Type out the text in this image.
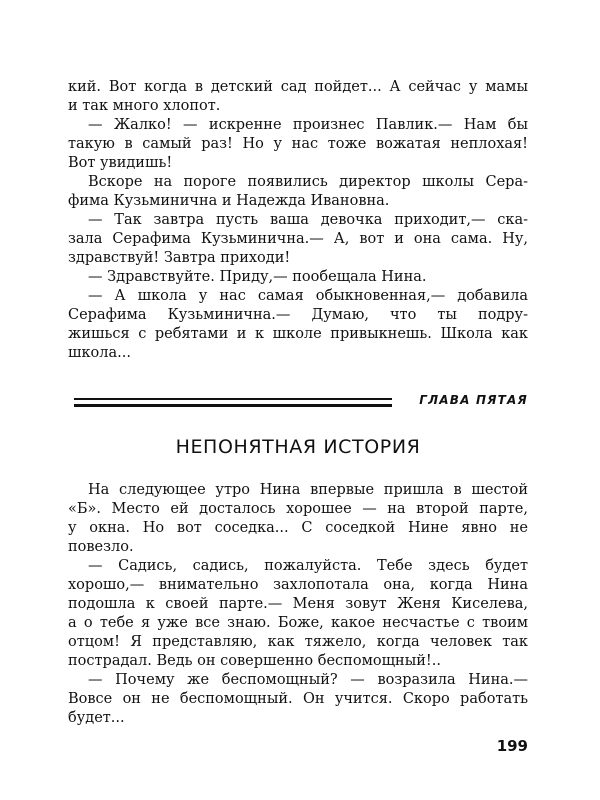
кий. Вот когда в детский сад пойдет... А сейчас у мамы
и так много хлопот.
— Жалко! — искренне произнес Павлик.— Нам бы
такую в самый раз! Но у нас тоже вожатая неплохая!
Вот увидишь!
Вскоре на пороге появились директор школы Сера-
фима Кузьминична и Надежда Ивановна.
— Так завтра пусть ваша девочка приходит,— ска-
зала Серафима Кузьминична.— А, вот и она сама. Ну,
здравствуй! Завтра приходи!
— Здравствуйте. Приду,— пообещала Нина.
— А школа у нас самая обыкновенная,— добавила
Серафима Кузьминична.— Думаю, что ты подру-
жишься с ребятами и к школе привыкнешь. Школа как
школа...
ГЛАВА ПЯТАЯ
НЕПОНЯТНАЯ ИСТОРИЯ
На следующее утро Нина впервые пришла в шестой
«Б». Место ей досталось хорошее — на второй парте,
у окна. Но вот соседка... С соседкой Нине явно не
повезло.
— Садись, садись, пожалуйста. Тебе здесь будет
хорошо,— внимательно захлопотала она, когда Нина
подошла к своей парте.— Меня зовут Женя Киселева,
а о тебе я уже все знаю. Боже, какое несчастье с твоим
отцом! Я представляю, как тяжело, когда человек так
пострадал. Ведь он совершенно беспомощный!..
— Почему же беспомощный? — возразила Нина.—
Вовсе он не беспомощный. Он учится. Скоро работать
будет...
199
